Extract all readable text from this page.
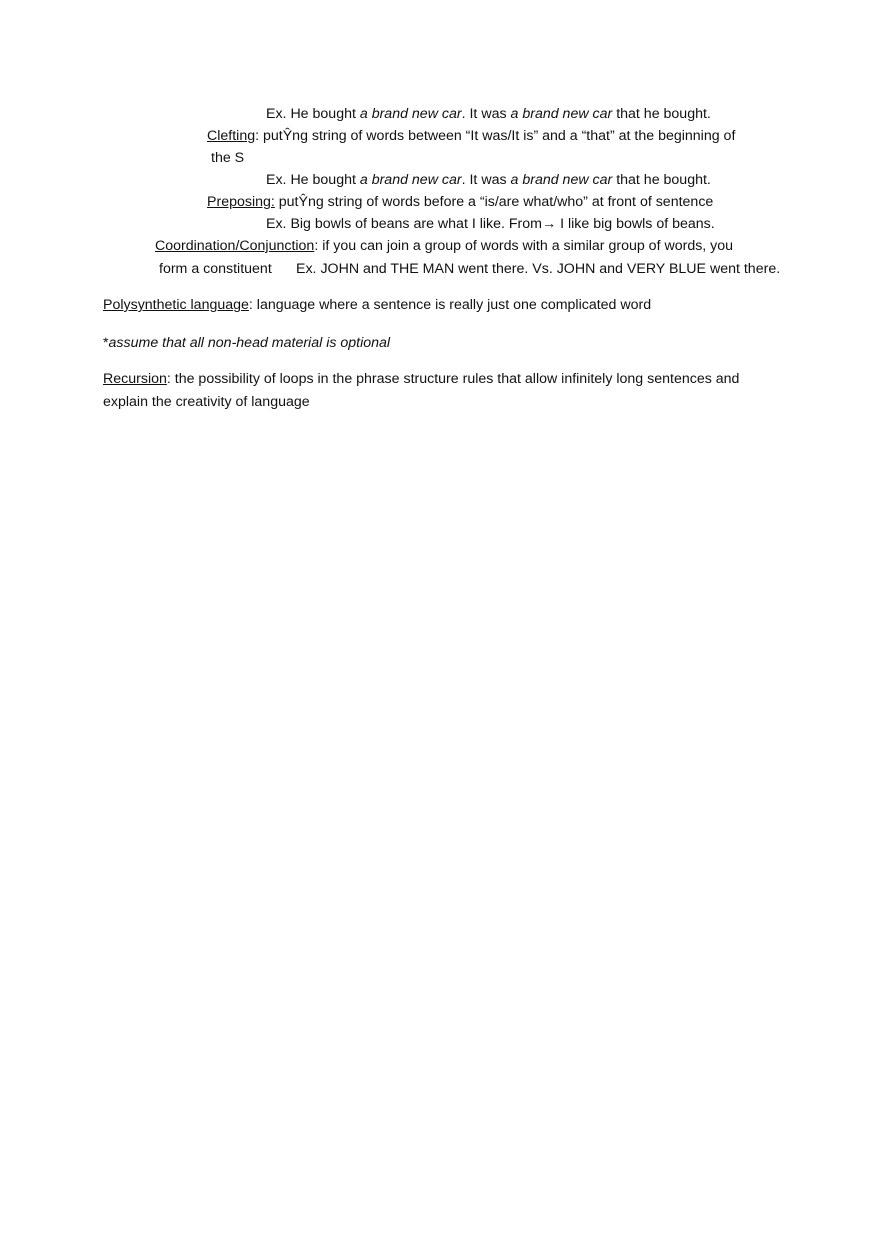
Ex. He bought a brand new car. It was a brand new car that he bought.
Clefting: putŶng string of words between “It was/It is” and a “that” at the beginning of
the S
Ex. He bought a brand new car. It was a brand new car that he bought.
Preposing: putŶng string of words before a “is/are what/who” at front of sentence
Ex. Big bowls of beans are what I like. From→ I like big bowls of beans.
Coordination/Conjunction: if you can join a group of words with a similar group of words, you
form a constituent Ex. JOHN and THE MAN went there. Vs. JOHN and VERY BLUE went there.
Polysynthetic language: language where a sentence is really just one complicated word
*assume that all non-head material is optional
Recursion: the possibility of loops in the phrase structure rules that allow infinitely long sentences and
explain the creativity of language
